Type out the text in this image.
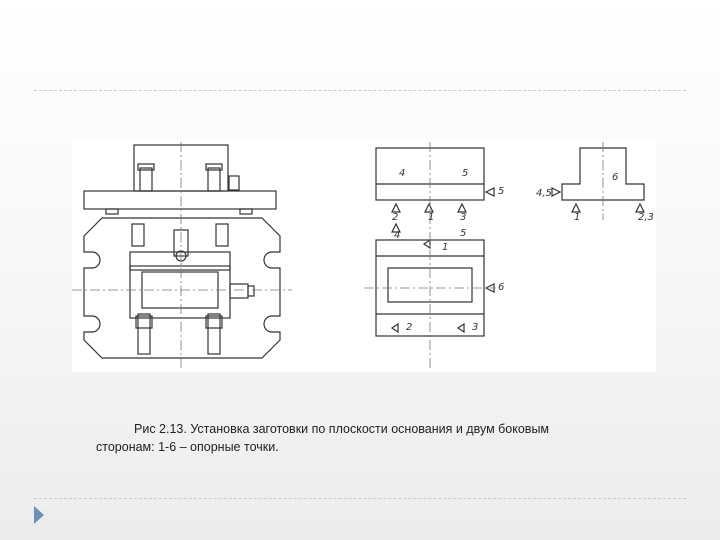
4	5
5
2	1	3
4	5
1
6
2	3
6
4,5
1	2,3
Рис 2.13. Установка заготовки по плоскости основания и двум боковым
сторонам: 1-6 – опорные точки.
